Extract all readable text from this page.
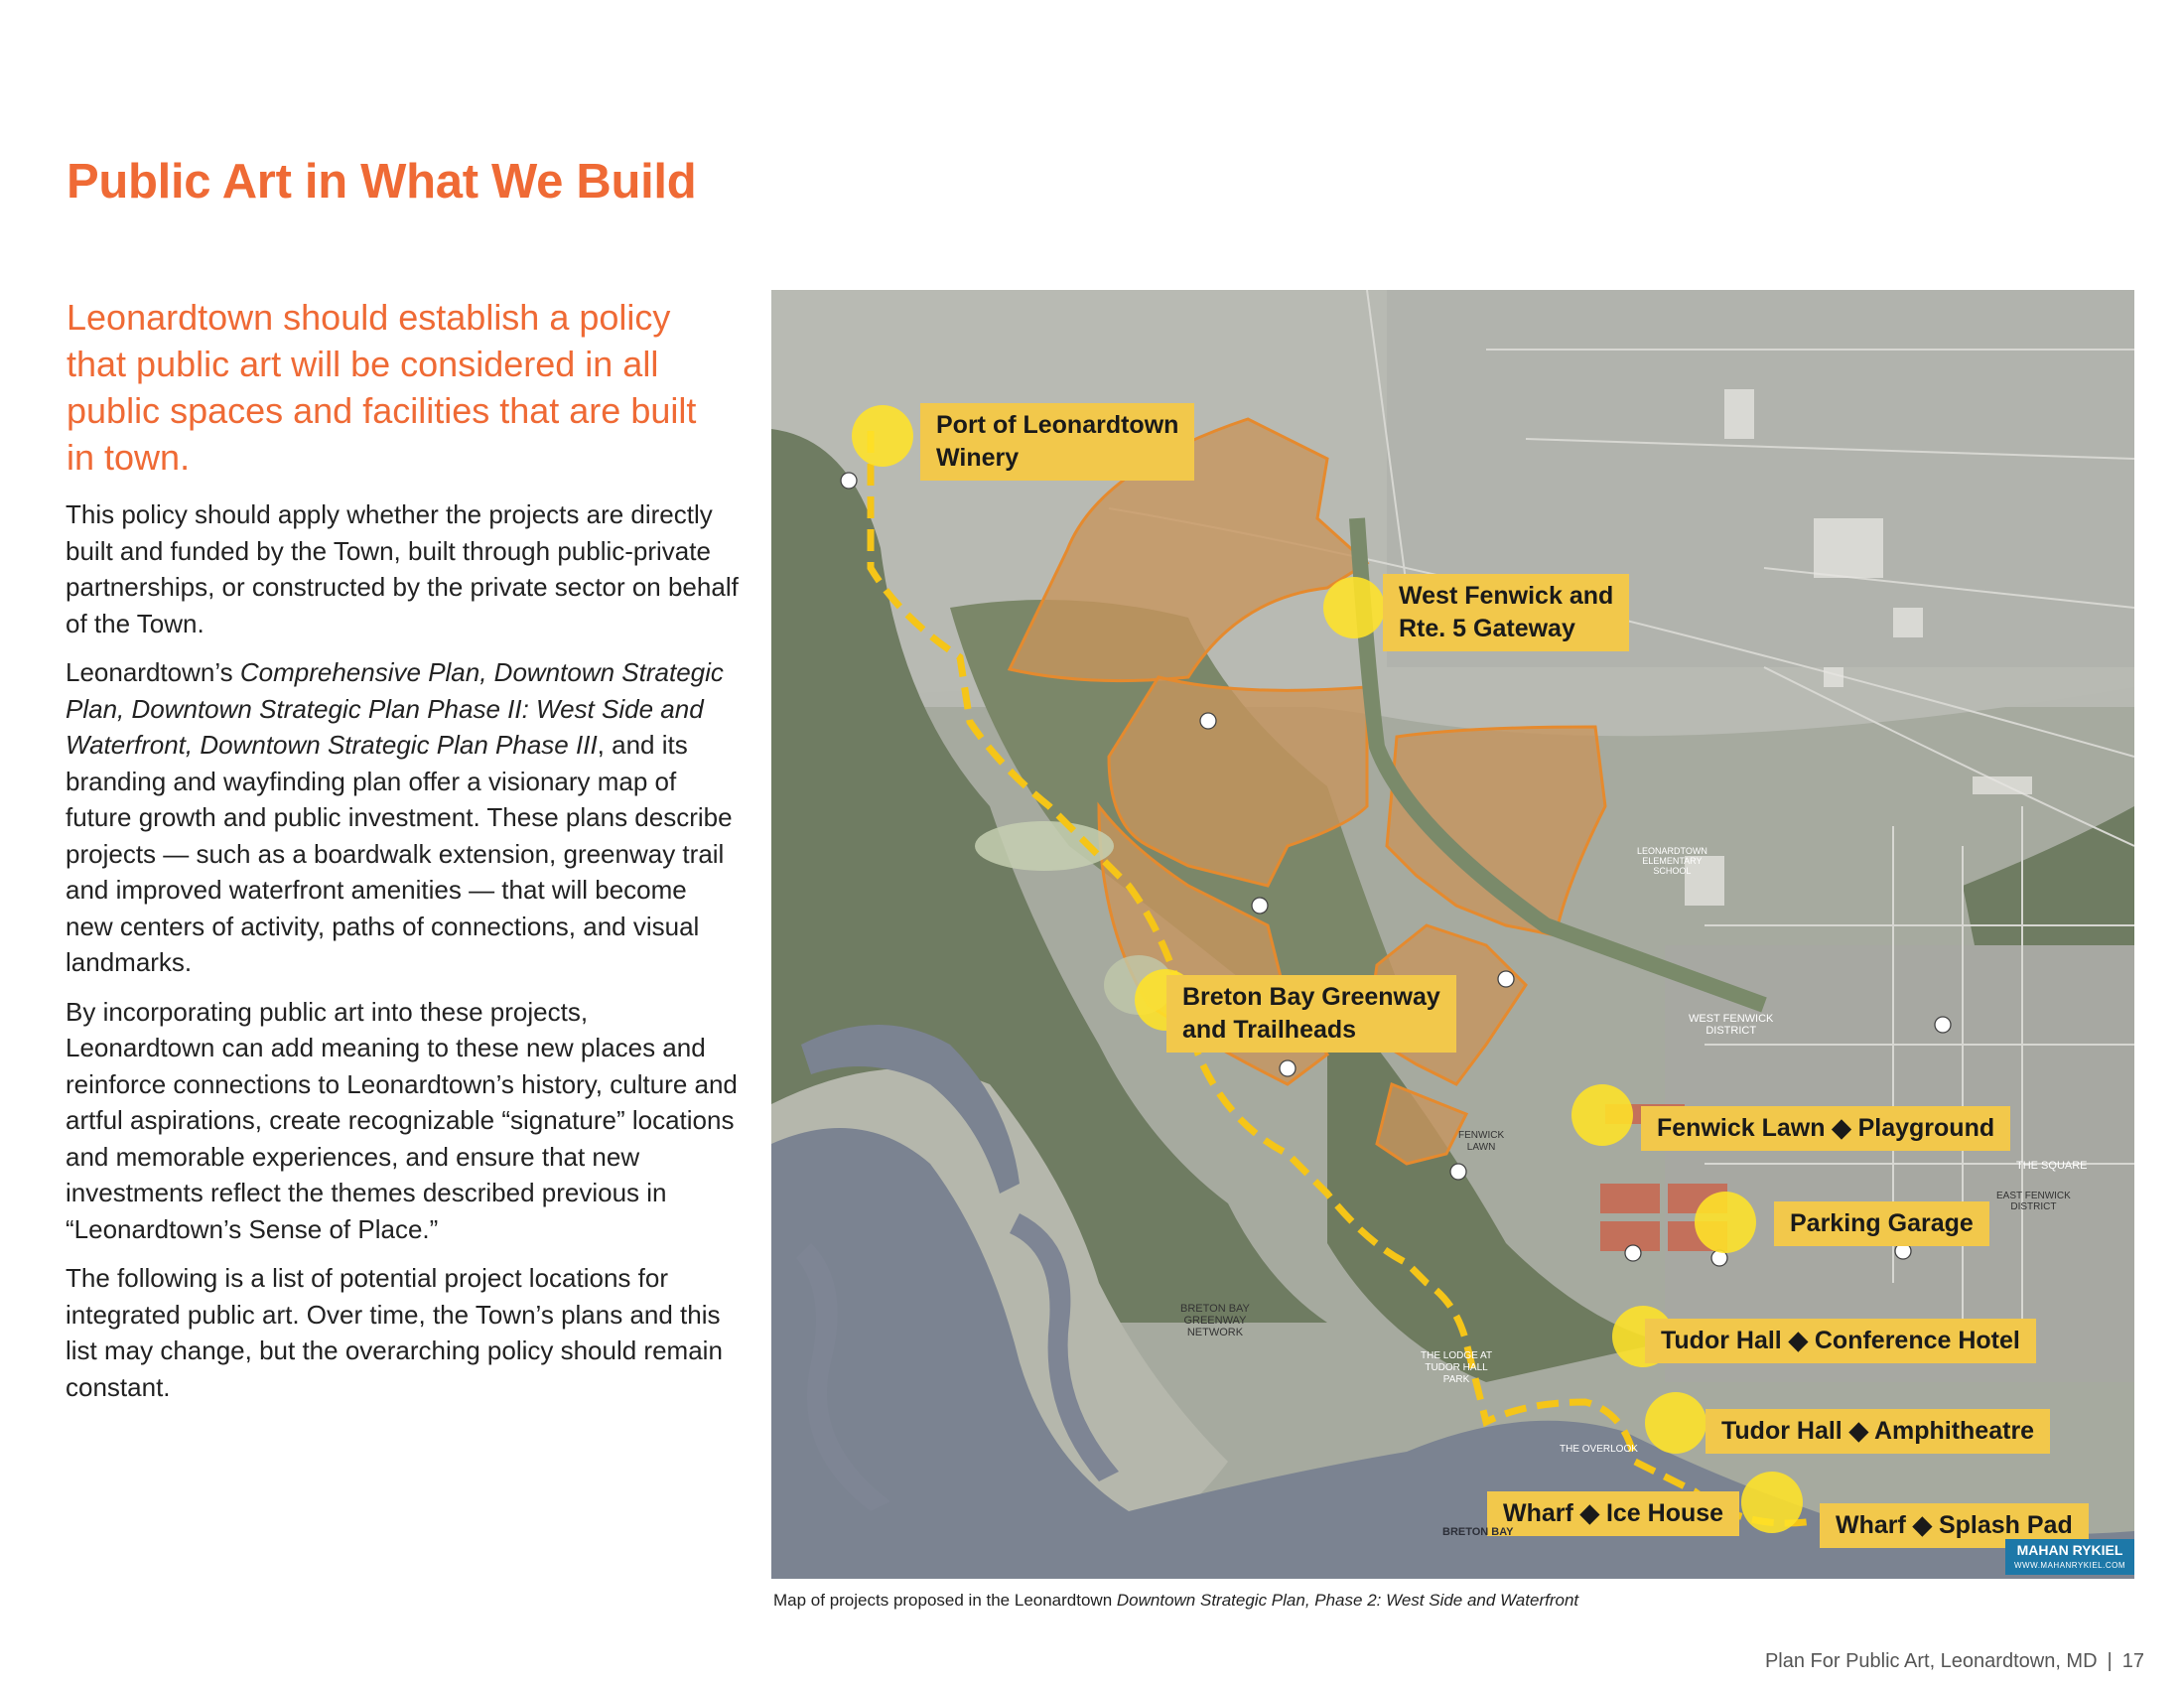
Public Art in What We Build
Leonardtown should establish a policy that public art will be considered in all public spaces and facilities that are built in town.

This policy should apply whether the projects are directly built and funded by the Town, built through public-private partnerships, or constructed by the private sector on behalf of the Town.

Leonardtown’s Comprehensive Plan, Downtown Strategic Plan, Downtown Strategic Plan Phase II: West Side and Waterfront, Downtown Strategic Plan Phase III, and its branding and wayfinding plan offer a visionary map of future growth and public investment. These plans describe projects — such as a boardwalk extension, greenway trail and improved waterfront amenities — that will become new centers of activity, paths of connections, and visual landmarks.

By incorporating public art into these projects, Leonardtown can add meaning to these new places and reinforce connections to Leonardtown’s history, culture and artful aspirations, create recognizable “signature” locations and memorable experiences, and ensure that new investments reflect the themes described previous in “Leonardtown’s Sense of Place.”

The following is a list of potential project locations for integrated public art. Over time, the Town’s plans and this list may change, but the overarching policy should remain constant.

Port of Leonardtown
Winery
West Fenwick and
Rte. 5 Gateway
Breton Bay Greenway
and Trailheads
Fenwick Lawn ◆ Playground
Parking Garage
Tudor Hall ◆ Conference Hotel
Tudor Hall ◆ Amphitheatre
Wharf ◆ Ice House	Wharf ◆ Splash Pad
BRETON BAY
GREENWAY
NETWORK
WEST FENWICK
DISTRICT
FENWICK
LAWN
THE SQUARE
EAST FENWICK
DISTRICT
THE LODGE AT
TUDOR HALL
PARK
THE OVERLOOK
BRETON BAY
LEONARDTOWN
ELEMENTARY
SCHOOL
MAHAN RYKIEL
WWW.MAHANRYKIEL.COM
Map of projects proposed in the Leonardtown Downtown Strategic Plan, Phase 2: West Side and Waterfront
Plan For Public Art, Leonardtown, MD | 17
